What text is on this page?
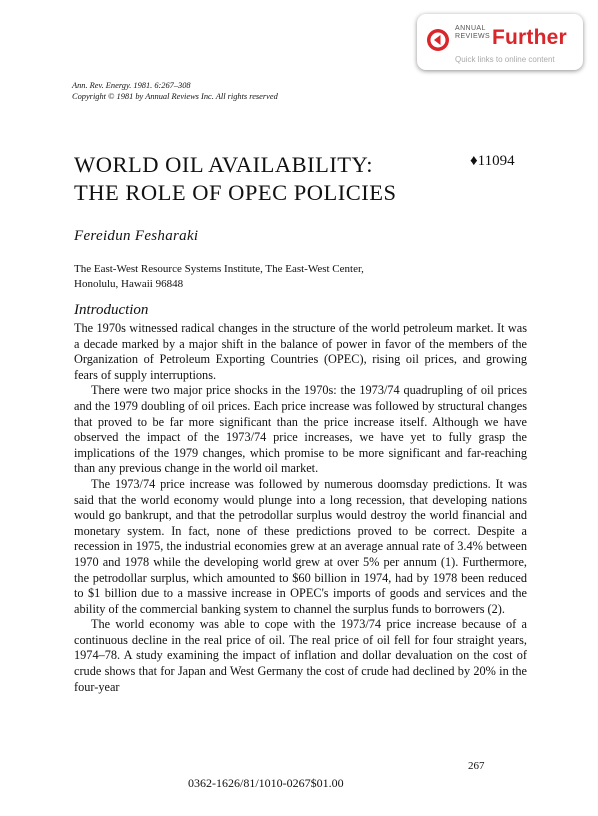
ANNUAL
REVIEWS Further
Quick links to online content
Ann. Rev. Energy. 1981. 6:267–308
Copyright © 1981 by Annual Reviews Inc. All rights reserved
WORLD OIL AVAILABILITY:
THE ROLE OF OPEC POLICIES
♦11094
Fereidun Fesharaki
The East-West Resource Systems Institute, The East-West Center,
Honolulu, Hawaii 96848
Introduction

The 1970s witnessed radical changes in the structure of the world petroleum market. It was a decade marked by a major shift in the balance of power in favor of the members of the Organization of Petroleum Exporting Countries (OPEC), rising oil prices, and growing fears of supply interruptions.

There were two major price shocks in the 1970s: the 1973/74 quadrupling of oil prices and the 1979 doubling of oil prices. Each price increase was followed by structural changes that proved to be far more significant than the price increase itself. Although we have observed the impact of the 1973/74 price increases, we have yet to fully grasp the implications of the 1979 changes, which promise to be more significant and far-reaching than any previous change in the world oil market.

The 1973/74 price increase was followed by numerous doomsday predictions. It was said that the world economy would plunge into a long recession, that developing nations would go bankrupt, and that the petrodollar surplus would destroy the world financial and monetary system. In fact, none of these predictions proved to be correct. Despite a recession in 1975, the industrial economies grew at an average annual rate of 3.4% between 1970 and 1978 while the developing world grew at over 5% per annum (1). Furthermore, the petrodollar surplus, which amounted to $60 billion in 1974, had by 1978 been reduced to $1 billion due to a massive increase in OPEC's imports of goods and services and the ability of the commercial banking system to channel the surplus funds to borrowers (2).

The world economy was able to cope with the 1973/74 price increase because of a continuous decline in the real price of oil. The real price of oil fell for four straight years, 1974–78. A study examining the impact of inflation and dollar devaluation on the cost of crude shows that for Japan and West Germany the cost of crude had declined by 20% in the four-year

267
0362-1626/81/1010-0267$01.00
